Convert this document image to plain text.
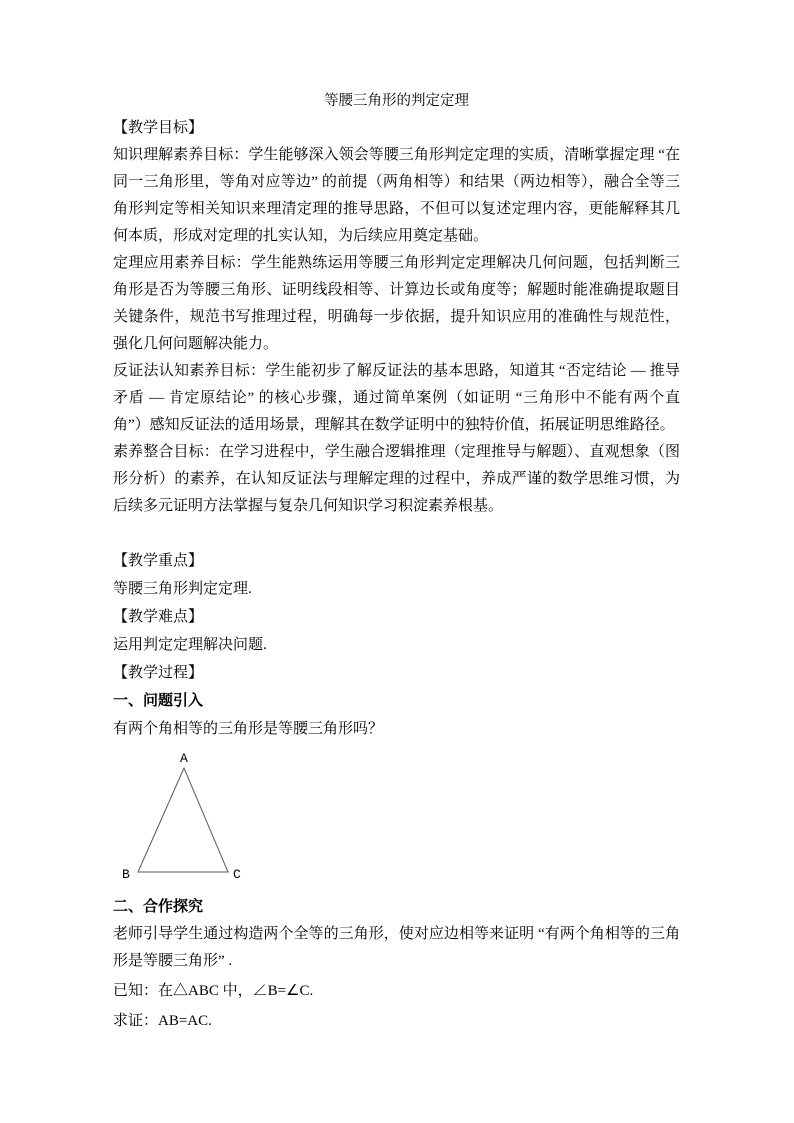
等腰三角形的判定定理

【教学目标】

知识理解素养目标：学生能够深入领会等腰三角形判定定理的实质，清晰掌握定理 “在同一三角形里，等角对应等边” 的前提（两角相等）和结果（两边相等），融合全等三角形判定等相关知识来理清定理的推导思路，不但可以复述定理内容，更能解释其几何本质，形成对定理的扎实认知，为后续应用奠定基础。

定理应用素养目标：学生能熟练运用等腰三角形判定定理解决几何问题，包括判断三角形是否为等腰三角形、证明线段相等、计算边长或角度等；解题时能准确提取题目关键条件，规范书写推理过程，明确每一步依据，提升知识应用的准确性与规范性，强化几何问题解决能力。

反证法认知素养目标：学生能初步了解反证法的基本思路，知道其 “否定结论 — 推导矛盾 — 肯定原结论” 的核心步骤，通过简单案例（如证明 “三角形中不能有两个直角”）感知反证法的适用场景，理解其在数学证明中的独特价值，拓展证明思维路径。

素养整合目标：在学习进程中，学生融合逻辑推理（定理推导与解题）、直观想象（图形分析）的素养，在认知反证法与理解定理的过程中，养成严谨的数学思维习惯，为后续多元证明方法掌握与复杂几何知识学习积淀素养根基。

【教学重点】

等腰三角形判定定理.

【教学难点】

运用判定定理解决问题.

【教学过程】

一、问题引入

有两个角相等的三角形是等腰三角形吗？

A
B	C

二、合作探究

老师引导学生通过构造两个全等的三角形，使对应边相等来证明 “有两个角相等的三角形是等腰三角形” .

已知：在△ABC 中，∠B=∠C.

求证：AB=AC.
